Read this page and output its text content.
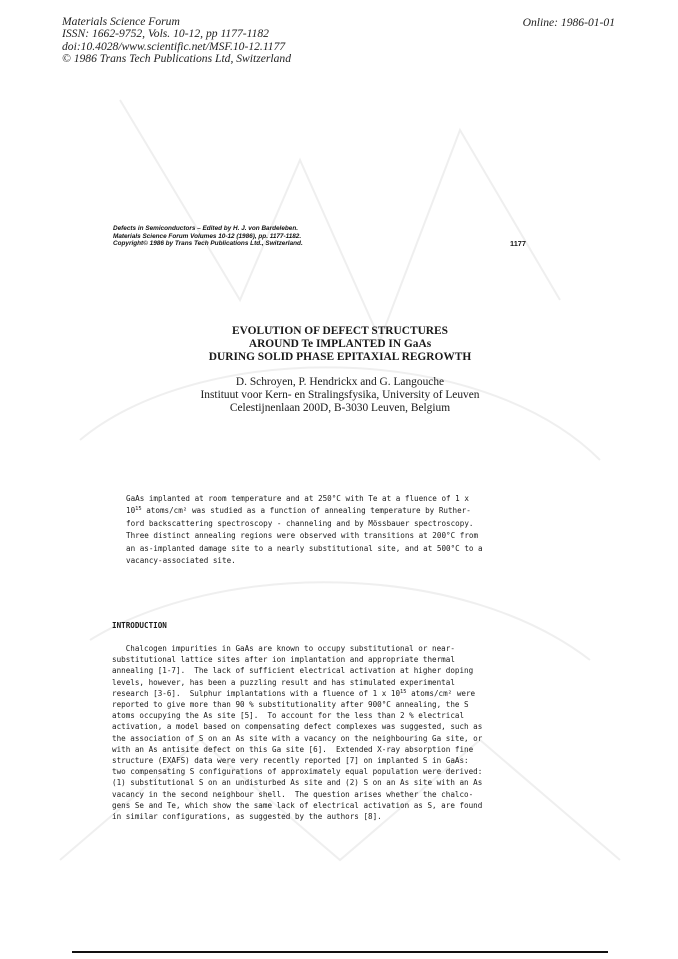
Materials Science Forum
ISSN: 1662-9752, Vols. 10-12, pp 1177-1182
doi:10.4028/www.scientific.net/MSF.10-12.1177
© 1986 Trans Tech Publications Ltd, Switzerland
Online: 1986-01-01
Defects in Semiconductors – Edited by H. J. von Bardeleben.
Materials Science Forum Volumes 10-12 (1986), pp. 1177-1182.
Copyright© 1986 by Trans Tech Publications Ltd., Switzerland.	1177
EVOLUTION OF DEFECT STRUCTURES
AROUND Te IMPLANTED IN GaAs
DURING SOLID PHASE EPITAXIAL REGROWTH
D. Schroyen, P. Hendrickx and G. Langouche
Instituut voor Kern- en Stralingsfysika, University of Leuven
Celestijnenlaan 200D, B-3030 Leuven, Belgium
GaAs implanted at room temperature and at 250°C with Te at a fluence of 1 x
$10^{15}$ atoms/cm² was studied as a function of annealing temperature by Ruther-
ford backscattering spectroscopy - channeling and by Mössbauer spectroscopy.
Three distinct annealing regions were observed with transitions at 200°C from
an as-implanted damage site to a nearly substitutional site, and at 500°C to a
vacancy-associated site.
INTRODUCTION
Chalcogen impurities in GaAs are known to occupy substitutional or near-
substitutional lattice sites after ion implantation and appropriate thermal
annealing [1-7].  The lack of sufficient electrical activation at higher doping
levels, however, has been a puzzling result and has stimulated experimental
research [3-6].  Sulphur implantations with a fluence of 1 x $10^{15}$ atoms/cm² were
reported to give more than 90 % substitutionality after 900°C annealing, the S
atoms occupying the As site [5].  To account for the less than 2 % electrical
activation, a model based on compensating defect complexes was suggested, such as
the association of S on an As site with a vacancy on the neighbouring Ga site, or
with an As antisite defect on this Ga site [6].  Extended X-ray absorption fine
structure (EXAFS) data were very recently reported [7] on implanted S in GaAs:
two compensating S configurations of approximately equal population were derived:
(1) substitutional S on an undisturbed As site and (2) S on an As site with an As
vacancy in the second neighbour shell.  The question arises whether the chalco-
gens Se and Te, which show the same lack of electrical activation as S, are found
in similar configurations, as suggested by the authors [8].
